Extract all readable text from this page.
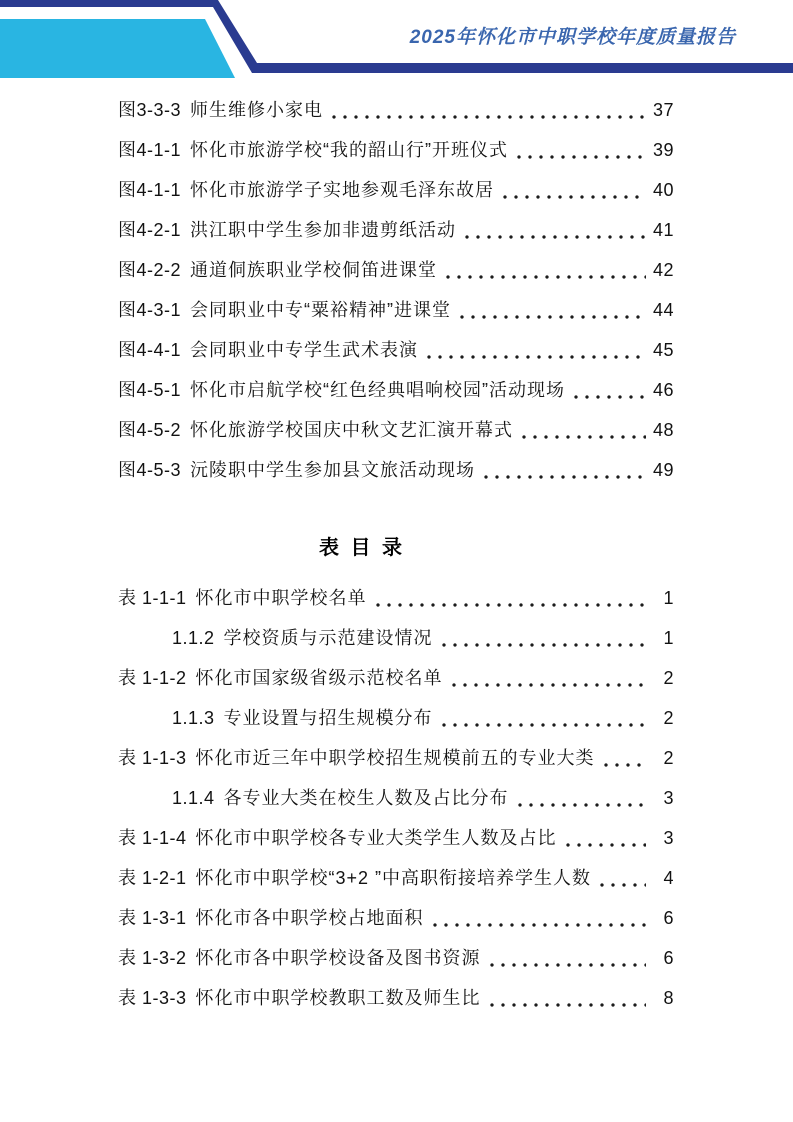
2025年怀化市中职学校年度质量报告
图3-3-3 师生维修小家电	37
图4-1-1 怀化市旅游学校“我的韶山行”开班仪式	39
图4-1-1 怀化市旅游学子实地参观毛泽东故居	40
图4-2-1 洪江职中学生参加非遗剪纸活动	41
图4-2-2 通道侗族职业学校侗笛进课堂	42
图4-3-1 会同职业中专“粟裕精神”进课堂	44
图4-4-1 会同职业中专学生武术表演	45
图4-5-1 怀化市启航学校“红色经典唱响校园”活动现场	46
图4-5-2 怀化旅游学校国庆中秋文艺汇演开幕式	48
图4-5-3 沅陵职中学生参加县文旅活动现场	49
表 目 录
表 1-1-1 怀化市中职学校名单	1
1.1.2 学校资质与示范建设情况	1
表 1-1-2 怀化市国家级省级示范校名单	2
1.1.3 专业设置与招生规模分布	2
表 1-1-3 怀化市近三年中职学校招生规模前五的专业大类	2
1.1.4 各专业大类在校生人数及占比分布	3
表 1-1-4 怀化市中职学校各专业大类学生人数及占比	3
表 1-2-1 怀化市中职学校“3+2 ”中高职衔接培养学生人数	4
表 1-3-1 怀化市各中职学校占地面积	6
表 1-3-2 怀化市各中职学校设备及图书资源	6
表 1-3-3 怀化市中职学校教职工数及师生比	8
